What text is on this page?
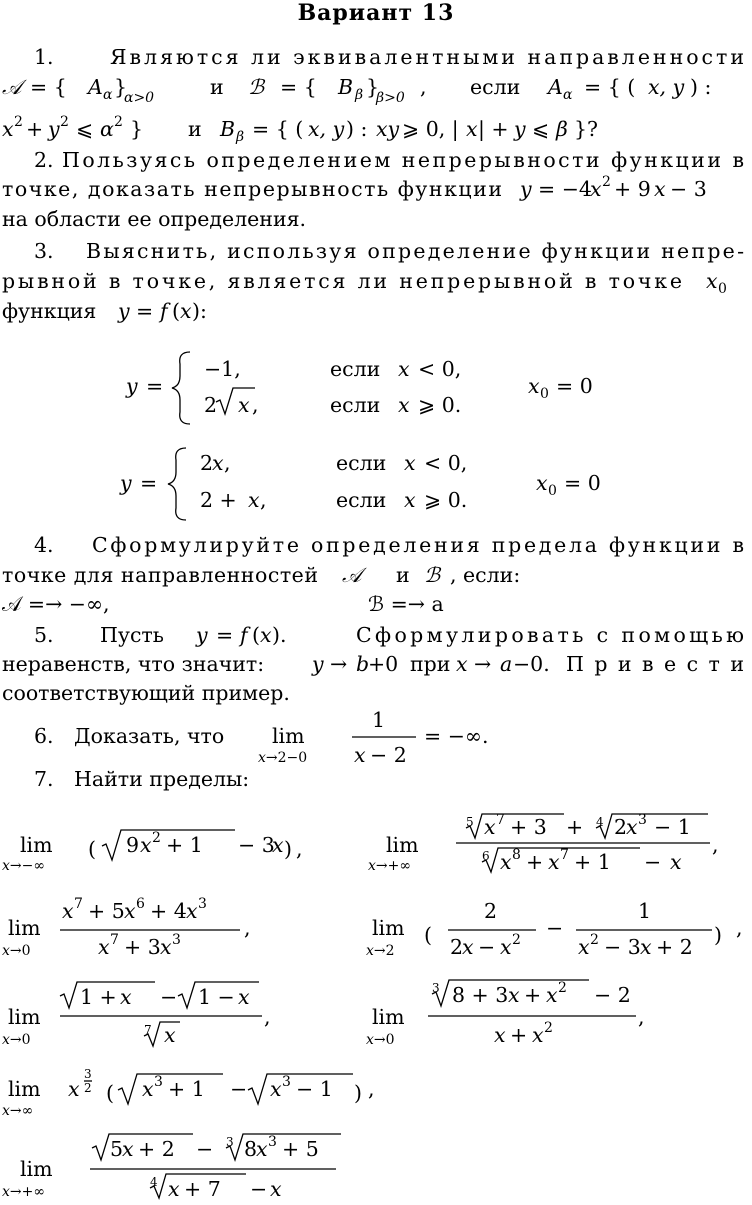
Вариант 13
1.	Являются ли эквивалентными направленности
𝒜 = { A α }
α>0	и ℬ = { B β }
β>0 , если A α = { ( x, y ) :
x 2 + y 2 ⩽ α 2 } и B β = { ( x, y ) : xy ⩾ 0, | x | + y ⩽ β }?
2. Пользуясь определением непрерывности функции в
точке, доказать непрерывность функции y = −4
x 2 + 9 x − 3
на области ее определения.
3. Выяснить, используя определение функции непре-
рывной в точке, является ли непрерывной в точке x 0
функция y = f ( x ):
y =
−1,	если x < 0,
2 x ,	если x ⩾ 0.
x 0 = 0
y =
2
x ,	если x < 0,
2 + x ,	если x ⩾ 0.
x 0 = 0
4. Сформулируйте определения предела функции в
точке для направленностей 𝒜 и ℬ , если:
𝒜 =→ −∞,	ℬ =→ a
5. Пусть y = f ( x ).	Сформулировать с помощью
неравенств, что значит: y → b
+0 при x → a −0. Привести
соответствующий пример.
6. Доказать, что lim
x→2−0
1
x − 2
= −∞.
7. Найти пределы:
lim
x→−∞
( 9 x 2 + 1 − 3
x ) ,	lim
x→+∞
5 x 7 + 3 + 4 2
x 3 − 1
6 x 8 + x 7 + 1 − x
,
lim
x→0
x 7 + 5 x 6 + 4 x 3
x 7 + 3 x 3	,	lim
x→2
(
2
2
x − x 2 −
1
x 2 − 3 x + 2 ) ,
lim
x→0
1 + x − 1 − x
7 x
,	lim
x→0
3 8 + 3 x + x 2 − 2
x + x 2	,
lim
x→∞
x
3
2 ( x 3 + 1 − x 3 − 1 ) ,
lim
x→+∞
5
x + 2 − 3 8
x 3 + 5
4 x + 7 − x
